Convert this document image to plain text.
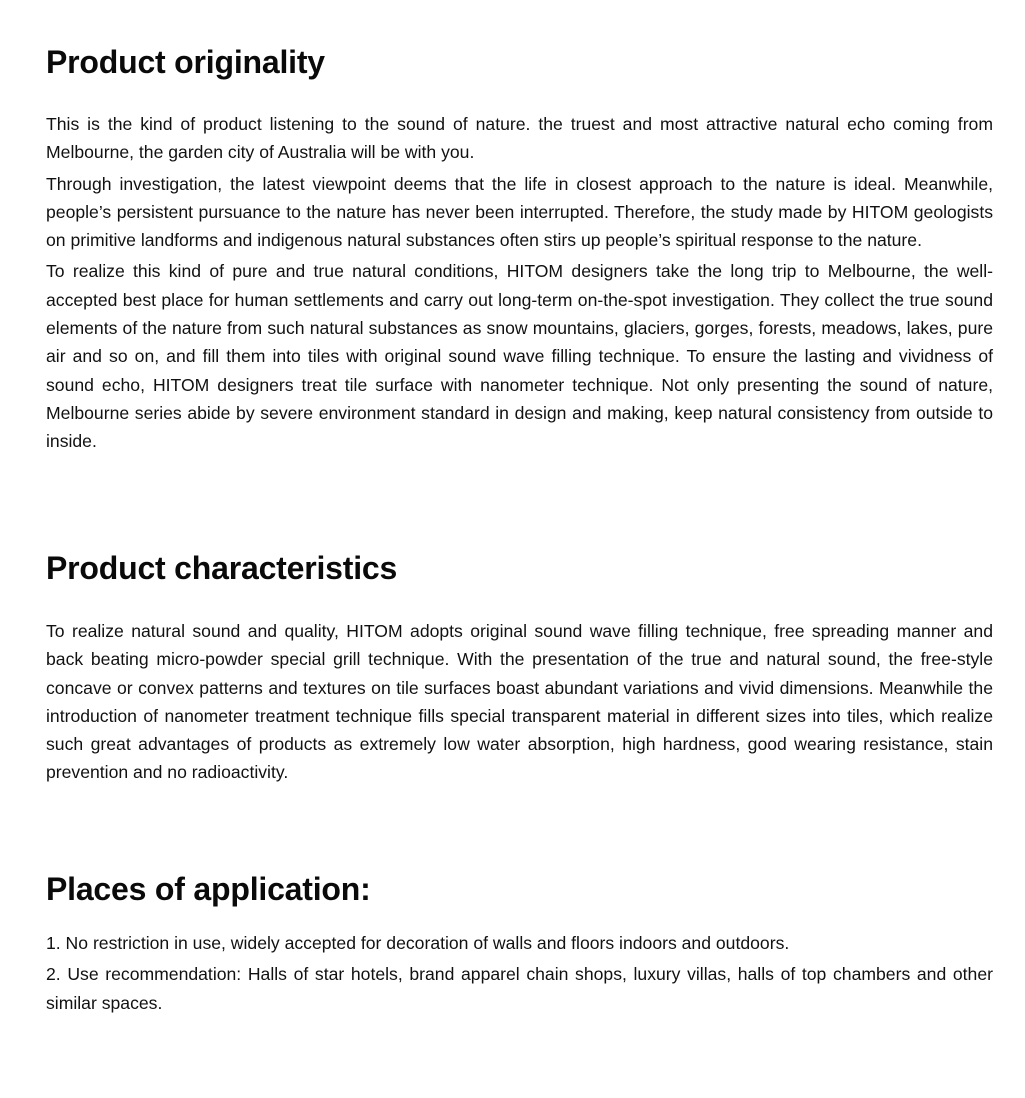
Product originality

This is the kind of product listening to the sound of nature. the truest and most attractive natural echo coming from Melbourne, the garden city of Australia will be with you.

Through investigation, the latest viewpoint deems that the life in closest approach to the nature is ideal. Meanwhile, people’s persistent pursuance to the nature has never been interrupted. Therefore, the study made by HITOM geologists on primitive landforms and indigenous natural substances often stirs up people’s spiritual response to the nature.

To realize this kind of pure and true natural conditions, HITOM designers take the long trip to Melbourne, the well-accepted best place for human settlements and carry out long-term on-the-spot investigation. They collect the true sound elements of the nature from such natural substances as snow mountains, glaciers, gorges, forests, meadows, lakes, pure air and so on, and fill them into tiles with original sound wave filling technique. To ensure the lasting and vividness of sound echo, HITOM designers treat tile surface with nanometer technique. Not only presenting the sound of nature, Melbourne series abide by severe environment standard in design and making, keep natural consistency from outside to inside.

Product characteristics

To realize natural sound and quality, HITOM adopts original sound wave filling technique, free spreading manner and back beating micro-powder special grill technique. With the presentation of the true and natural sound, the free-style concave or convex patterns and textures on tile surfaces boast abundant variations and vivid dimensions. Meanwhile the introduction of nanometer treatment technique fills special transparent material in different sizes into tiles, which realize such great advantages of products as extremely low water absorption, high hardness, good wearing resistance, stain prevention and no radioactivity.

Places of application:

1. No restriction in use, widely accepted for decoration of walls and floors indoors and outdoors.

2. Use recommendation: Halls of star hotels, brand apparel chain shops, luxury villas, halls of top chambers and other similar spaces.
